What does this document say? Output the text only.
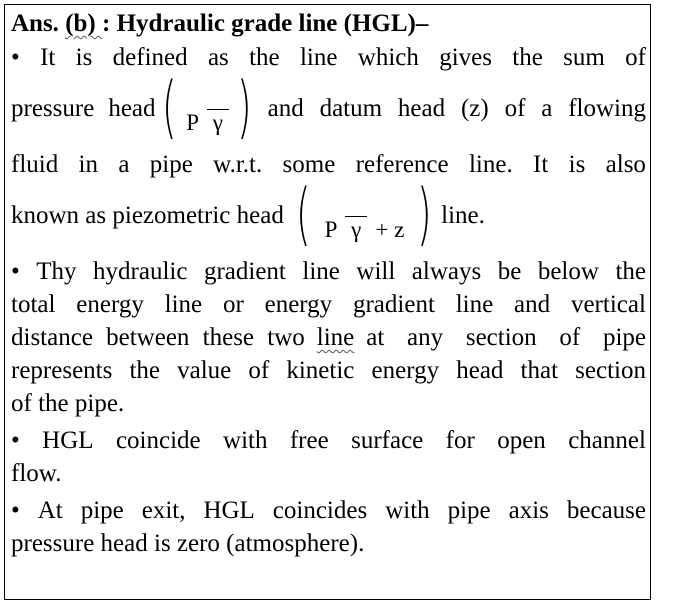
Ans. (b) : Hydraulic grade line (HGL)–
• It is defined as the line which gives the sum of
pressure head ( P γ ) and datum head (z) of a flowing
fluid in a pipe w.r.t. some reference line. It is also
known as piezometric head ( P γ + z ) line.
• Thy hydraulic gradient line will always be below the
total energy line or energy gradient line and vertical
distance between these two line at any section of pipe
represents the value of kinetic energy head that section
of the pipe.
• HGL coincide with free surface for open channel
flow.
• At pipe exit, HGL coincides with pipe axis because
pressure head is zero (atmosphere).
